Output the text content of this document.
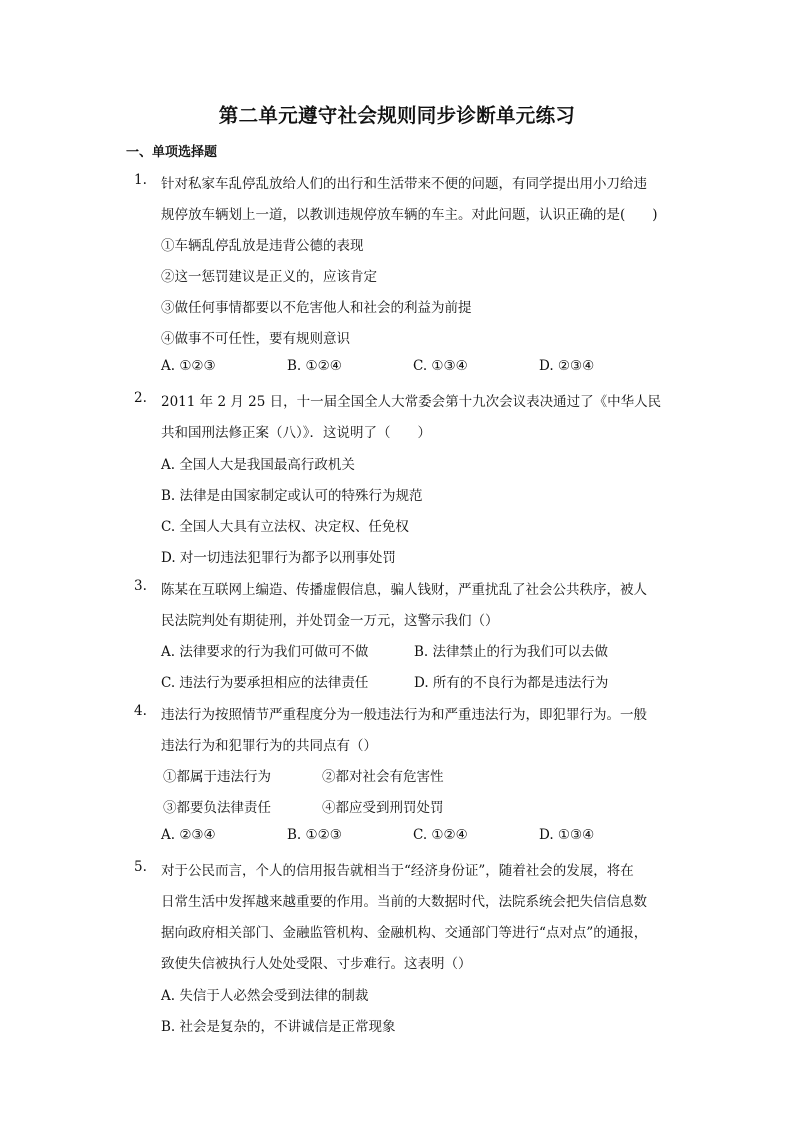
第二单元遵守社会规则同步诊断单元练习
一、单项选择题
1. 针对私家车乱停乱放给人们的出行和生活带来不便的问题，有同学提出用小刀给违
规停放车辆划上一道，以教训违规停放车辆的车主。对此问题，认识正确的是(　　)
①车辆乱停乱放是违背公德的表现
②这一惩罚建议是正义的，应该肯定
③做任何事情都要以不危害他人和社会的利益为前提
④做事不可任性，要有规则意识
A. ①②③	B. ①②④	C. ①③④	D. ②③④
2. 2011 年 2 月 25 日，十一届全国全人大常委会第十九次会议表决通过了《中华人民
共和国刑法修正案（八）》．这说明了（　　）
A. 全国人大是我国最高行政机关
B. 法律是由国家制定或认可的特殊行为规范
C. 全国人大具有立法权、决定权、任免权
D. 对一切违法犯罪行为都予以刑事处罚
3. 陈某在互联网上编造、传播虚假信息，骗人钱财，严重扰乱了社会公共秩序，被人
民法院判处有期徒刑，并处罚金一万元，这警示我们（）
A. 法律要求的行为我们可做可不做	B. 法律禁止的行为我们可以去做
C. 违法行为要承担相应的法律责任	D. 所有的不良行为都是违法行为
4. 违法行为按照情节严重程度分为一般违法行为和严重违法行为，即犯罪行为。一般
违法行为和犯罪行为的共同点有（）
①都属于违法行为	②都对社会有危害性
③都要负法律责任	④都应受到刑罚处罚
A. ②③④	B. ①②③	C. ①②④	D. ①③④
5. 对于公民而言，个人的信用报告就相当于“经济身份证”，随着社会的发展，将在
日常生活中发挥越来越重要的作用。当前的大数据时代，法院系统会把失信信息数
据向政府相关部门、金融监管机构、金融机构、交通部门等进行“点对点”的通报，
致使失信被执行人处处受限、寸步难行。这表明（）
A. 失信于人必然会受到法律的制裁
B. 社会是复杂的，不讲诚信是正常现象
